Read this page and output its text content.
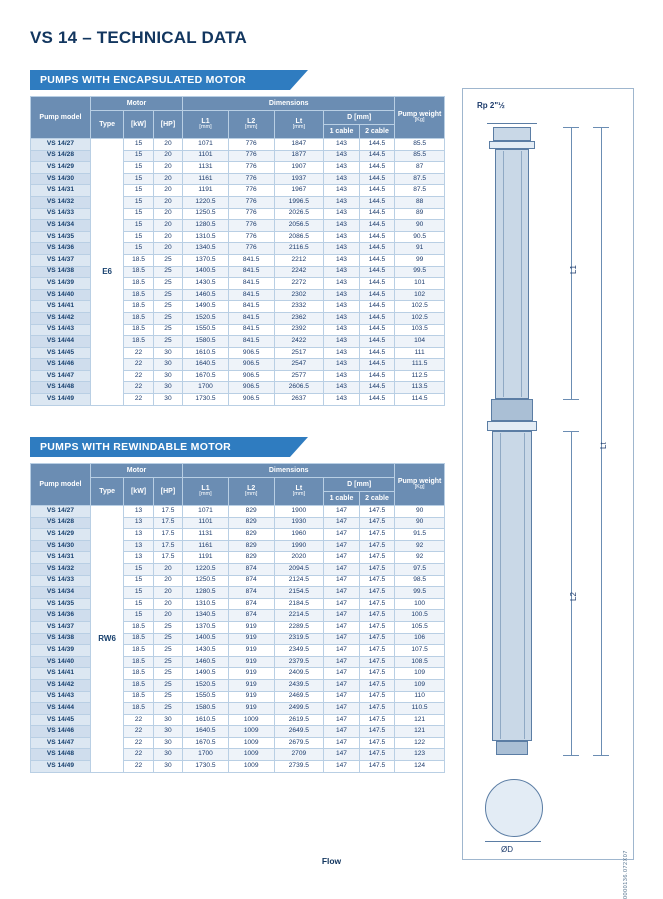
VS 14 – TECHNICAL DATA
PUMPS WITH ENCAPSULATED MOTOR
Pump model	Motor			Dimensions					Pump weight
[Kg]

	Type	[kW]	[HP]	L1
[mm]	L2
[mm]	Lt
[mm]	D [mm]		
							1 cable	2 cable	
VS 14/27	E6	15	20	1071	776	1847	143	144.5	85.5
VS 14/28		15	20	1101	776	1877	143	144.5	85.5
VS 14/29		15	20	1131	776	1907	143	144.5	87
VS 14/30		15	20	1161	776	1937	143	144.5	87.5
VS 14/31		15	20	1191	776	1967	143	144.5	87.5
VS 14/32		15	20	1220.5	776	1996.5	143	144.5	88
VS 14/33		15	20	1250.5	776	2026.5	143	144.5	89
VS 14/34		15	20	1280.5	776	2056.5	143	144.5	90
VS 14/35		15	20	1310.5	776	2086.5	143	144.5	90.5
VS 14/36		15	20	1340.5	776	2116.5	143	144.5	91
VS 14/37		18.5	25	1370.5	841.5	2212	143	144.5	99
VS 14/38		18.5	25	1400.5	841.5	2242	143	144.5	99.5
VS 14/39		18.5	25	1430.5	841.5	2272	143	144.5	101
VS 14/40		18.5	25	1460.5	841.5	2302	143	144.5	102
VS 14/41		18.5	25	1490.5	841.5	2332	143	144.5	102.5
VS 14/42		18.5	25	1520.5	841.5	2362	143	144.5	102.5
VS 14/43		18.5	25	1550.5	841.5	2392	143	144.5	103.5
VS 14/44		18.5	25	1580.5	841.5	2422	143	144.5	104
VS 14/45		22	30	1610.5	906.5	2517	143	144.5	111
VS 14/46		22	30	1640.5	906.5	2547	143	144.5	111.5
VS 14/47		22	30	1670.5	906.5	2577	143	144.5	112.5
VS 14/48		22	30	1700	906.5	2606.5	143	144.5	113.5
VS 14/49		22	30	1730.5	906.5	2637	143	144.5	114.5
PUMPS WITH REWINDABLE MOTOR
Pump model	Motor			Dimensions					Pump weight
[Kg]

	Type	[kW]	[HP]	L1
[mm]	L2
[mm]	Lt
[mm]	D [mm]		
							1 cable	2 cable	
VS 14/27	RW6	13	17.5	1071	829	1900	147	147.5	90
VS 14/28		13	17.5	1101	829	1930	147	147.5	90
VS 14/29		13	17.5	1131	829	1960	147	147.5	91.5
VS 14/30		13	17.5	1161	829	1990	147	147.5	92
VS 14/31		13	17.5	1191	829	2020	147	147.5	92
VS 14/32		15	20	1220.5	874	2094.5	147	147.5	97.5
VS 14/33		15	20	1250.5	874	2124.5	147	147.5	98.5
VS 14/34		15	20	1280.5	874	2154.5	147	147.5	99.5
VS 14/35		15	20	1310.5	874	2184.5	147	147.5	100
VS 14/36		15	20	1340.5	874	2214.5	147	147.5	100.5
VS 14/37		18.5	25	1370.5	919	2289.5	147	147.5	105.5
VS 14/38		18.5	25	1400.5	919	2319.5	147	147.5	106
VS 14/39		18.5	25	1430.5	919	2349.5	147	147.5	107.5
VS 14/40		18.5	25	1460.5	919	2379.5	147	147.5	108.5
VS 14/41		18.5	25	1490.5	919	2409.5	147	147.5	109
VS 14/42		18.5	25	1520.5	919	2439.5	147	147.5	109
VS 14/43		18.5	25	1550.5	919	2469.5	147	147.5	110
VS 14/44		18.5	25	1580.5	919	2499.5	147	147.5	110.5
VS 14/45		22	30	1610.5	1009	2619.5	147	147.5	121
VS 14/46		22	30	1640.5	1009	2649.5	147	147.5	121
VS 14/47		22	30	1670.5	1009	2679.5	147	147.5	122
VS 14/48		22	30	1700	1009	2709	147	147.5	123
VS 14/49		22	30	1730.5	1009	2739.5	147	147.5	124
Rp 2"½
L1
Lt
L2
ØD
0000136.072X07
Flow
